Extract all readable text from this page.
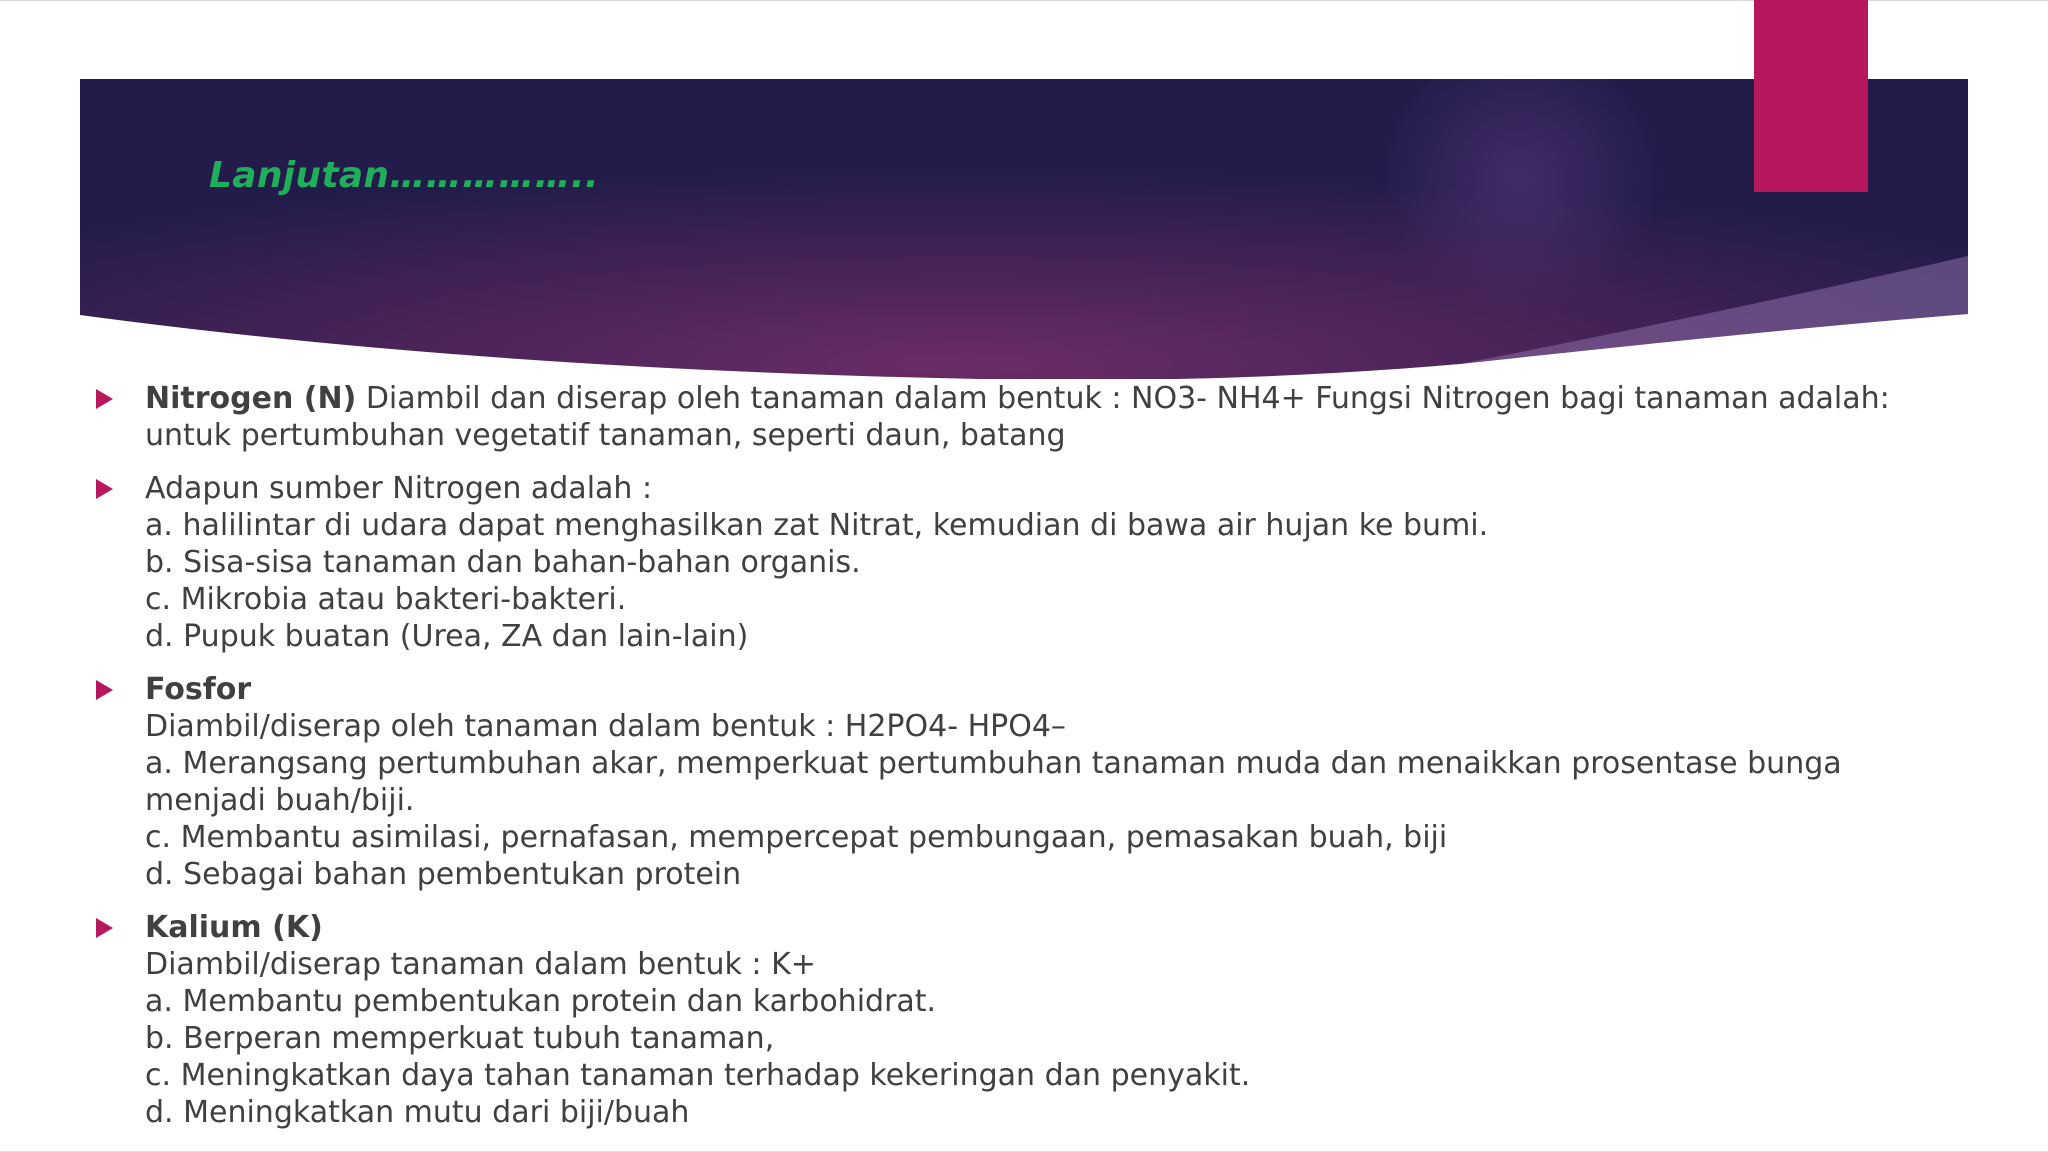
Lanjutan……………..
Nitrogen (N) Diambil dan diserap oleh tanaman dalam bentuk : NO3- NH4+ Fungsi Nitrogen bagi tanaman adalah:
untuk pertumbuhan vegetatif tanaman, seperti daun, batang
Adapun sumber Nitrogen adalah :
a. halilintar di udara dapat menghasilkan zat Nitrat, kemudian di bawa air hujan ke bumi.
b. Sisa-sisa tanaman dan bahan-bahan organis.
c. Mikrobia atau bakteri-bakteri.
d. Pupuk buatan (Urea, ZA dan lain-lain)
Fosfor
Diambil/diserap oleh tanaman dalam bentuk : H2PO4- HPO4–
a. Merangsang pertumbuhan akar, memperkuat pertumbuhan tanaman muda dan menaikkan prosentase bunga
menjadi buah/biji.
c. Membantu asimilasi, pernafasan, mempercepat pembungaan, pemasakan buah, biji
d. Sebagai bahan pembentukan protein
Kalium (K)
Diambil/diserap tanaman dalam bentuk : K+
a. Membantu pembentukan protein dan karbohidrat.
b. Berperan memperkuat tubuh tanaman,
c. Meningkatkan daya tahan tanaman terhadap kekeringan dan penyakit.
d. Meningkatkan mutu dari biji/buah
